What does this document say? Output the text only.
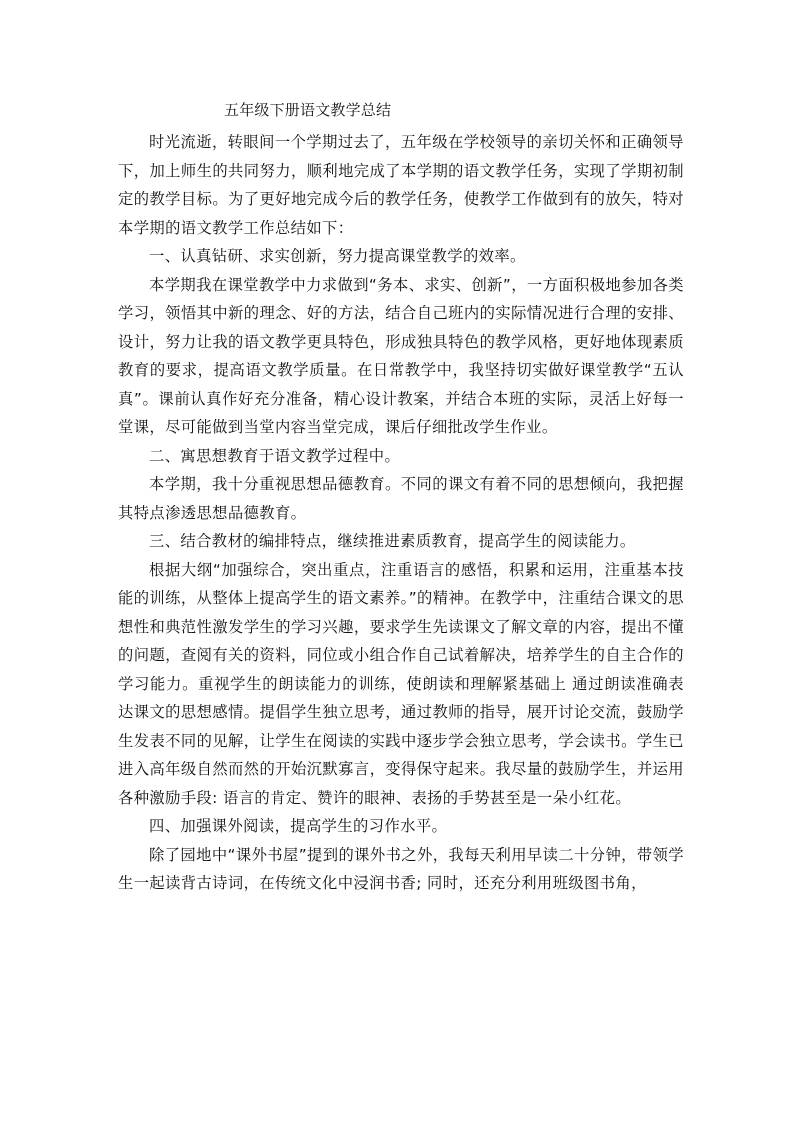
五年级下册语文教学总结

时光流逝，转眼间一个学期过去了，五年级在学校领导的亲切关怀和正确领导下，加上师生的共同努力，顺利地完成了本学期的语文教学任务，实现了学期初制定的教学目标。为了更好地完成今后的教学任务，使教学工作做到有的放矢，特对本学期的语文教学工作总结如下：

一、认真钻研、求实创新，努力提高课堂教学的效率。

本学期我在课堂教学中力求做到“务本、求实、创新”，一方面积极地参加各类学习，领悟其中新的理念、好的方法，结合自己班内的实际情况进行合理的安排、设计，努力让我的语文教学更具特色，形成独具特色的教学风格，更好地体现素质教育的要求，提高语文教学质量。在日常教学中，我坚持切实做好课堂教学“五认真”。课前认真作好充分准备，精心设计教案，并结合本班的实际，灵活上好每一堂课，尽可能做到当堂内容当堂完成，课后仔细批改学生作业。

二、寓思想教育于语文教学过程中。

本学期，我十分重视思想品德教育。不同的课文有着不同的思想倾向，我把握其特点渗透思想品德教育。

三、结合教材的编排特点，继续推进素质教育，提高学生的阅读能力。

根据大纲“加强综合，突出重点，注重语言的感悟，积累和运用，注重基本技能的训练，从整体上提高学生的语文素养。”的精神。在教学中，注重结合课文的思想性和典范性激发学生的学习兴趣，要求学生先读课文了解文章的内容，提出不懂的问题，查阅有关的资料，同位或小组合作自己试着解决，培养学生的自主合作的学习能力。重视学生的朗读能力的训练，使朗读和理解紧基础上 通过朗读准确表达课文的思想感情。提倡学生独立思考，通过教师的指导，展开讨论交流，鼓励学生发表不同的见解，让学生在阅读的实践中逐步学会独立思考，学会读书。学生已进入高年级自然而然的开始沉默寡言，变得保守起来。我尽量的鼓励学生，并运用各种激励手段: 语言的肯定、赞许的眼神、表扬的手势甚至是一朵小红花。

四、加强课外阅读，提高学生的习作水平。

除了园地中“课外书屋”提到的课外书之外，我每天利用早读二十分钟，带领学生一起读背古诗词，在传统文化中浸润书香; 同时，还充分利用班级图书角，
